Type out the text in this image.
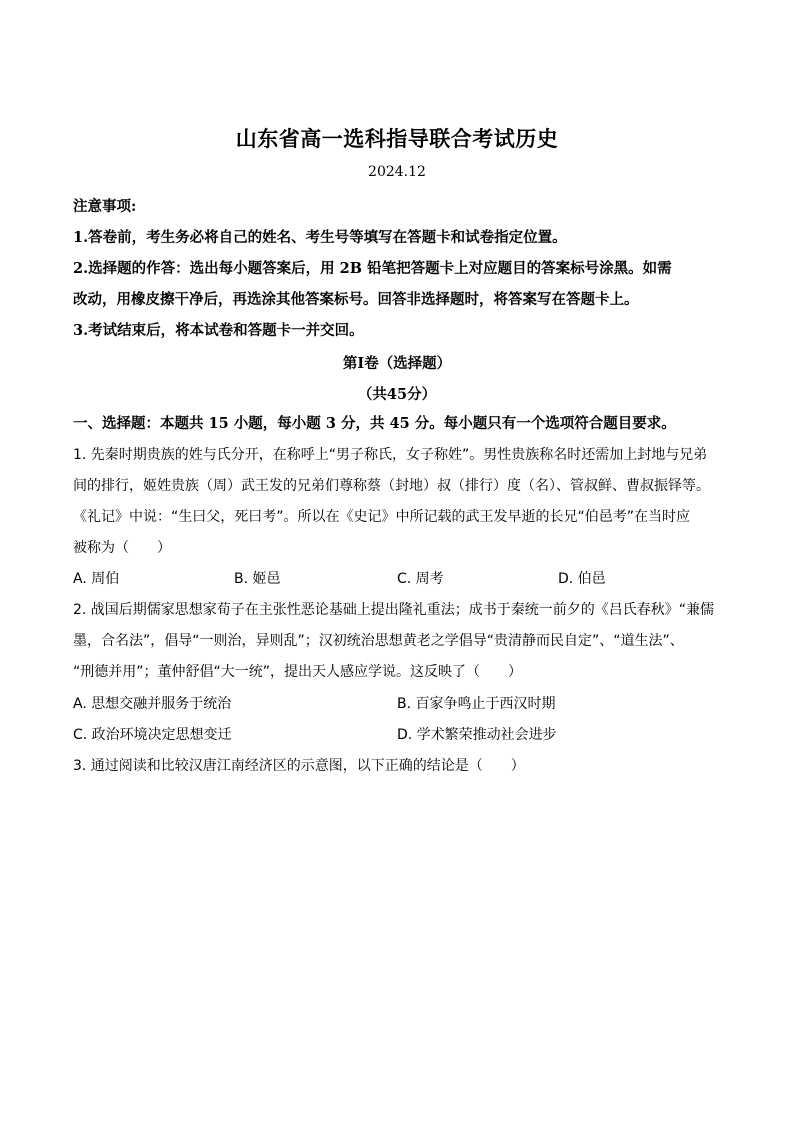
山东省高一选科指导联合考试历史
2024.12
注意事项:
1.答卷前，考生务必将自己的姓名、考生号等填写在答题卡和试卷指定位置。
2.选择题的作答：选出每小题答案后，用 2B 铅笔把答题卡上对应题目的答案标号涂黑。如需
改动，用橡皮擦干净后，再选涂其他答案标号。回答非选择题时，将答案写在答题卡上。
3.考试结束后，将本试卷和答题卡一并交回。
第Ⅰ卷（选择题）
（共45分）
一、选择题：本题共 15 小题，每小题 3 分，共 45 分。每小题只有一个选项符合题目要求。
1. 先秦时期贵族的姓与氏分开，在称呼上“男子称氏，女子称姓”。男性贵族称名时还需加上封地与兄弟
间的排行，姬姓贵族（周）武王发的兄弟们尊称蔡（封地）叔（排行）度（名）、管叔鲜、曹叔振铎等。
《礼记》中说：“生曰父，死曰考”。所以在《史记》中所记载的武王发早逝的长兄“伯邑考”在当时应
被称为（　　）
A. 周伯	B. 姬邑	C. 周考	D. 伯邑
2. 战国后期儒家思想家荀子在主张性恶论基础上提出隆礼重法；成书于秦统一前夕的《吕氏春秋》“兼儒
墨，合名法”，倡导“一则治，异则乱”；汉初统治思想黄老之学倡导“贵清静而民自定”、“道生法”、
“刑德并用”；董仲舒倡“大一统”，提出天人感应学说。这反映了（　　）
A. 思想交融并服务于统治	B. 百家争鸣止于西汉时期
C. 政治环境决定思想变迁	D. 学术繁荣推动社会进步
3. 通过阅读和比较汉唐江南经济区的示意图，以下正确的结论是（　　）
